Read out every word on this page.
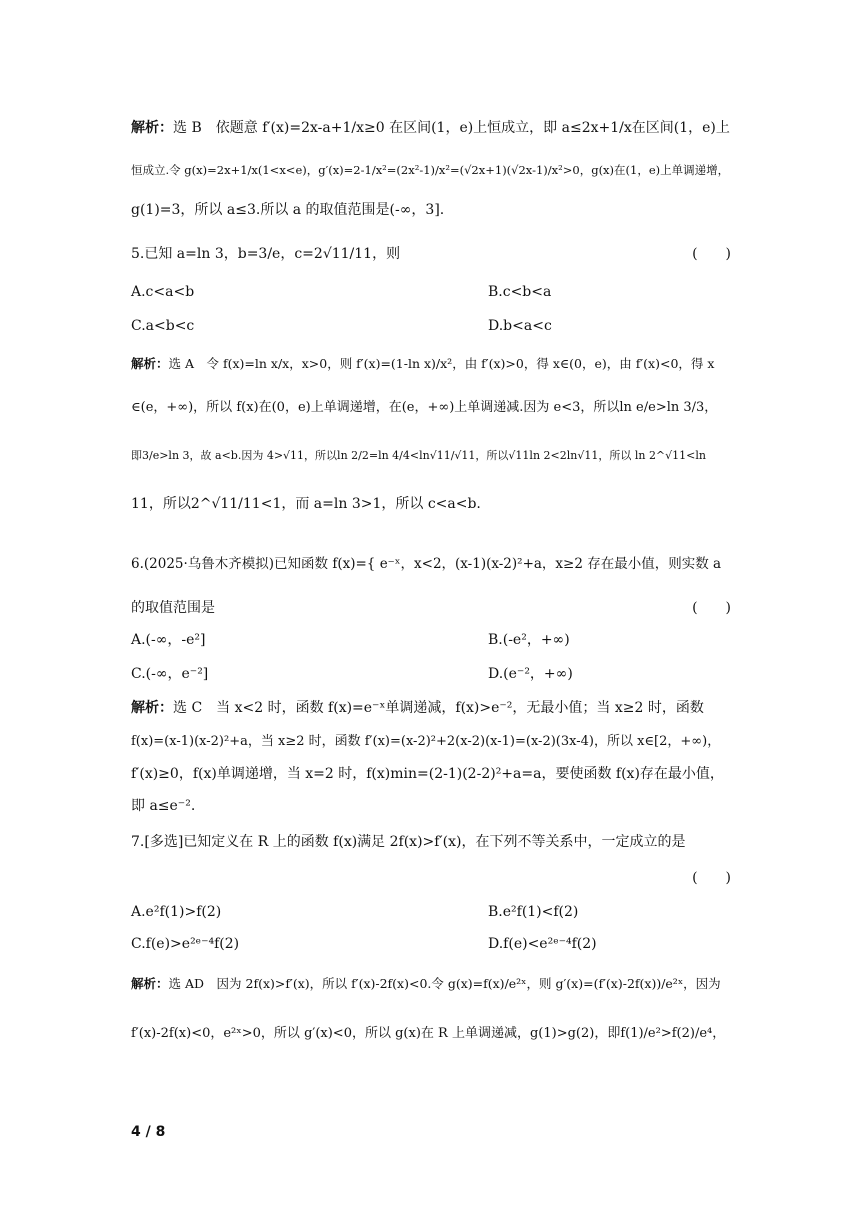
解析：选 B　依题意 f′(x)=2x-a+1/x≥0 在区间(1，e)上恒成立，即 a≤2x+1/x在区间(1，e)上
恒成立.令 g(x)=2x+1/x(1<x<e)，g′(x)=2-1/x²=(2x²-1)/x²=(√2x+1)(√2x-1)/x²>0，g(x)在(1，e)上单调递增，
g(1)=3，所以 a≤3.所以 a 的取值范围是(-∞，3].
5.已知 a=ln 3，b=3/e，c=2√11/11，则	(　　)
A.c<a<b	B.c<b<a
C.a<b<c	D.b<a<c
解析：选 A　令 f(x)=ln x/x，x>0，则 f′(x)=(1-ln x)/x²，由 f′(x)>0，得 x∈(0，e)，由 f′(x)<0，得 x
∈(e，+∞)，所以 f(x)在(0，e)上单调递增，在(e，+∞)上单调递减.因为 e<3，所以ln e/e>ln 3/3，
即3/e>ln 3，故 a<b.因为 4>√11，所以ln 2/2=ln 4/4<ln√11/√11，所以√11ln 2<2ln√11，所以 ln 2^√11<ln
11，所以2^√11/11<1，而 a=ln 3>1，所以 c<a<b.
6.(2025·乌鲁木齐模拟)已知函数 f(x)={ e⁻ˣ，x<2，(x-1)(x-2)²+a，x≥2 存在最小值，则实数 a
的取值范围是	(　　)
A.(-∞，-e²]	B.(-e²，+∞)
C.(-∞，e⁻²]	D.(e⁻²，+∞)
解析：选 C　当 x<2 时，函数 f(x)=e⁻ˣ单调递减，f(x)>e⁻²，无最小值；当 x≥2 时，函数
f(x)=(x-1)(x-2)²+a，当 x≥2 时，函数 f′(x)=(x-2)²+2(x-2)(x-1)=(x-2)(3x-4)，所以 x∈[2，+∞)，
f′(x)≥0，f(x)单调递增，当 x=2 时，f(x)min=(2-1)(2-2)²+a=a，要使函数 f(x)存在最小值，
即 a≤e⁻².
7.[多选]已知定义在 R 上的函数 f(x)满足 2f(x)>f′(x)，在下列不等关系中，一定成立的是
(　　)
A.e²f(1)>f(2)	B.e²f(1)<f(2)
C.f(e)>e²ᵉ⁻⁴f(2)	D.f(e)<e²ᵉ⁻⁴f(2)
解析：选 AD　因为 2f(x)>f′(x)，所以 f′(x)-2f(x)<0.令 g(x)=f(x)/e²ˣ，则 g′(x)=(f′(x)-2f(x))/e²ˣ，因为
f′(x)-2f(x)<0，e²ˣ>0，所以 g′(x)<0，所以 g(x)在 R 上单调递减，g(1)>g(2)，即f(1)/e²>f(2)/e⁴，
4 / 8
